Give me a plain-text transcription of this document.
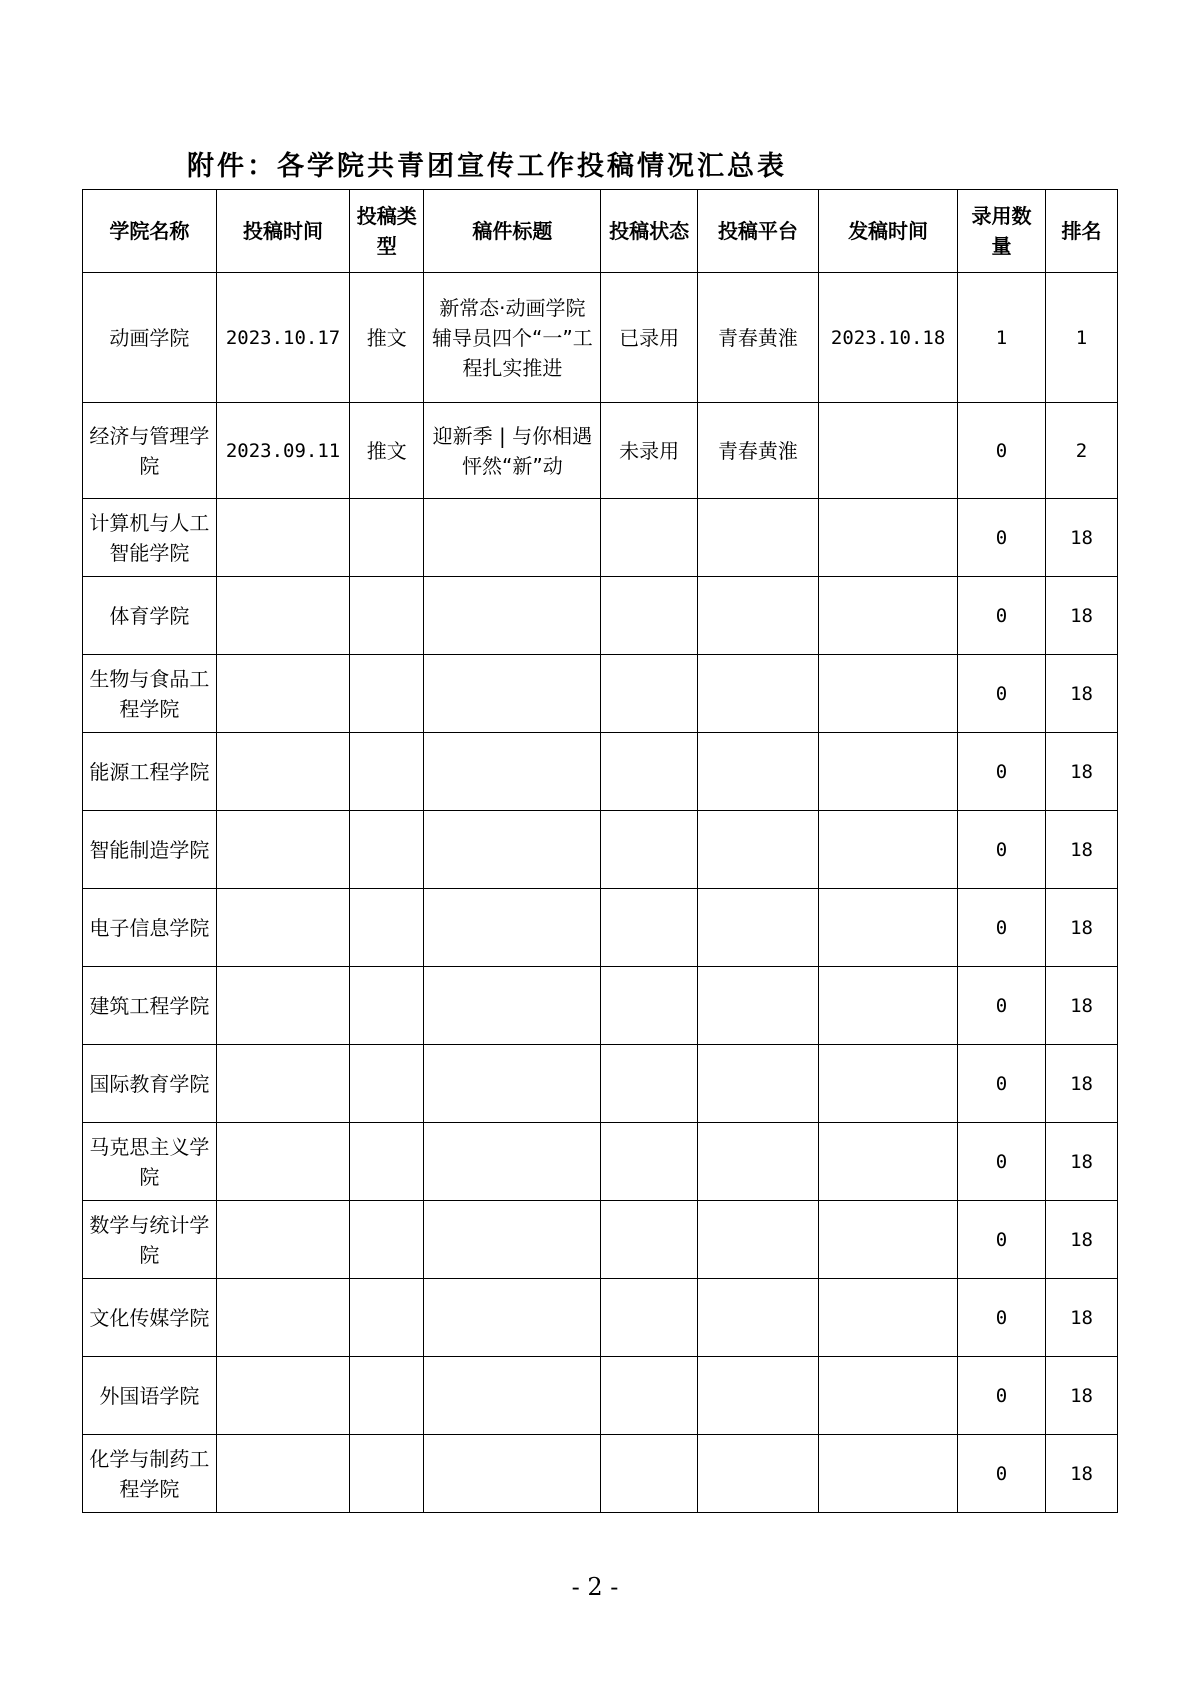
附件：各学院共青团宣传工作投稿情况汇总表
学院名称	投稿时间	投稿类型	稿件标题	投稿状态	投稿平台	发稿时间	录用数量	排名
动画学院	2023.10.17	推文	新常态·动画学院辅导员四个“一”工程扎实推进	已录用	青春黄淮	2023.10.18	1	1
经济与管理学院	2023.09.11	推文	迎新季 | 与你相遇 怦然“新”动	未录用	青春黄淮		0	2
计算机与人工智能学院							0	18
体育学院							0	18
生物与食品工程学院							0	18
能源工程学院							0	18
智能制造学院							0	18
电子信息学院							0	18
建筑工程学院							0	18
国际教育学院							0	18
马克思主义学院							0	18
数学与统计学院							0	18
文化传媒学院							0	18
外国语学院							0	18
化学与制药工程学院							0	18
- 2 -
